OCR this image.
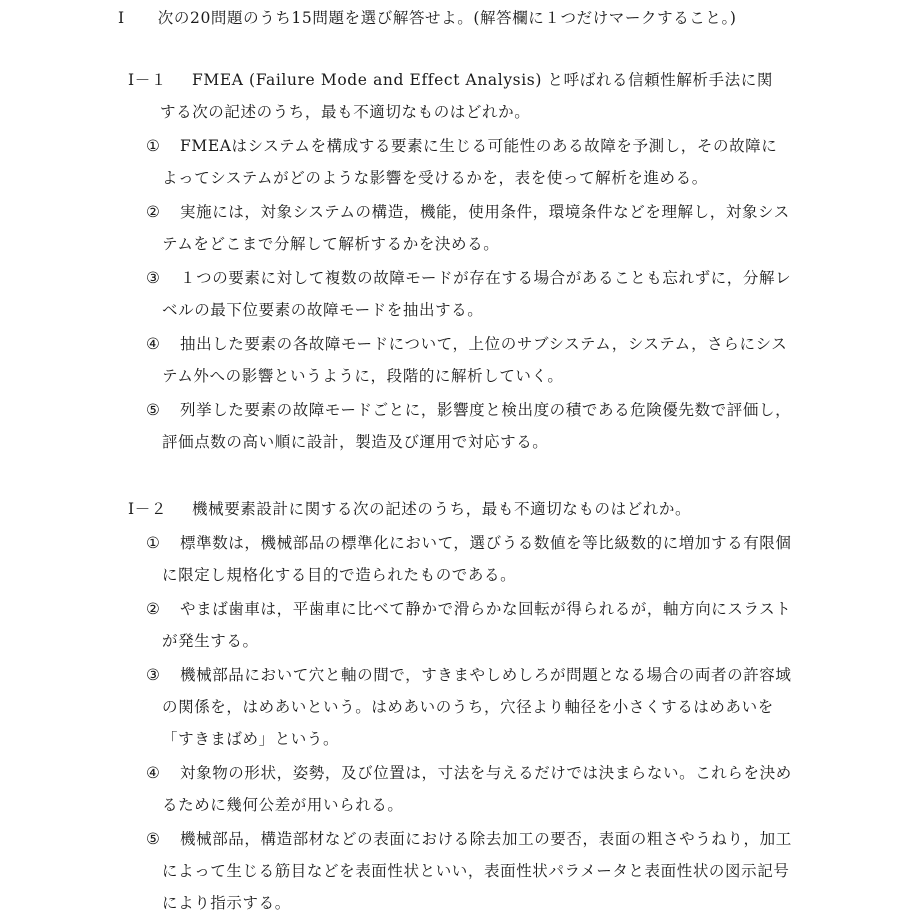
Ⅰ 次の20問題のうち15問題を選び解答せよ。(解答欄に１つだけマークすること。)
Ⅰ－１ FMEA (Failure Mode and Effect Analysis) と呼ばれる信頼性解析手法に関
する次の記述のうち，最も不適切なものはどれか。
① FMEAはシステムを構成する要素に生じる可能性のある故障を予測し，その故障に
よってシステムがどのような影響を受けるかを，表を使って解析を進める。
② 実施には，対象システムの構造，機能，使用条件，環境条件などを理解し，対象シス
テムをどこまで分解して解析するかを決める。
③ １つの要素に対して複数の故障モードが存在する場合があることも忘れずに，分解レ
ベルの最下位要素の故障モードを抽出する。
④ 抽出した要素の各故障モードについて，上位のサブシステム，システム，さらにシス
テム外への影響というように，段階的に解析していく。
⑤ 列挙した要素の故障モードごとに，影響度と検出度の積である危険優先数で評価し，
評価点数の高い順に設計，製造及び運用で対応する。
Ⅰ－２ 機械要素設計に関する次の記述のうち，最も不適切なものはどれか。
① 標準数は，機械部品の標準化において，選びうる数値を等比級数的に増加する有限個
に限定し規格化する目的で造られたものである。
② やまば歯車は，平歯車に比べて静かで滑らかな回転が得られるが，軸方向にスラスト
が発生する。
③ 機械部品において穴と軸の間で，すきまやしめしろが問題となる場合の両者の許容域
の関係を，はめあいという。はめあいのうち，穴径より軸径を小さくするはめあいを
「すきまばめ」という。
④ 対象物の形状，姿勢，及び位置は，寸法を与えるだけでは決まらない。これらを決め
るために幾何公差が用いられる。
⑤ 機械部品，構造部材などの表面における除去加工の要否，表面の粗さやうねり，加工
によって生じる筋目などを表面性状といい，表面性状パラメータと表面性状の図示記号
により指示する。
